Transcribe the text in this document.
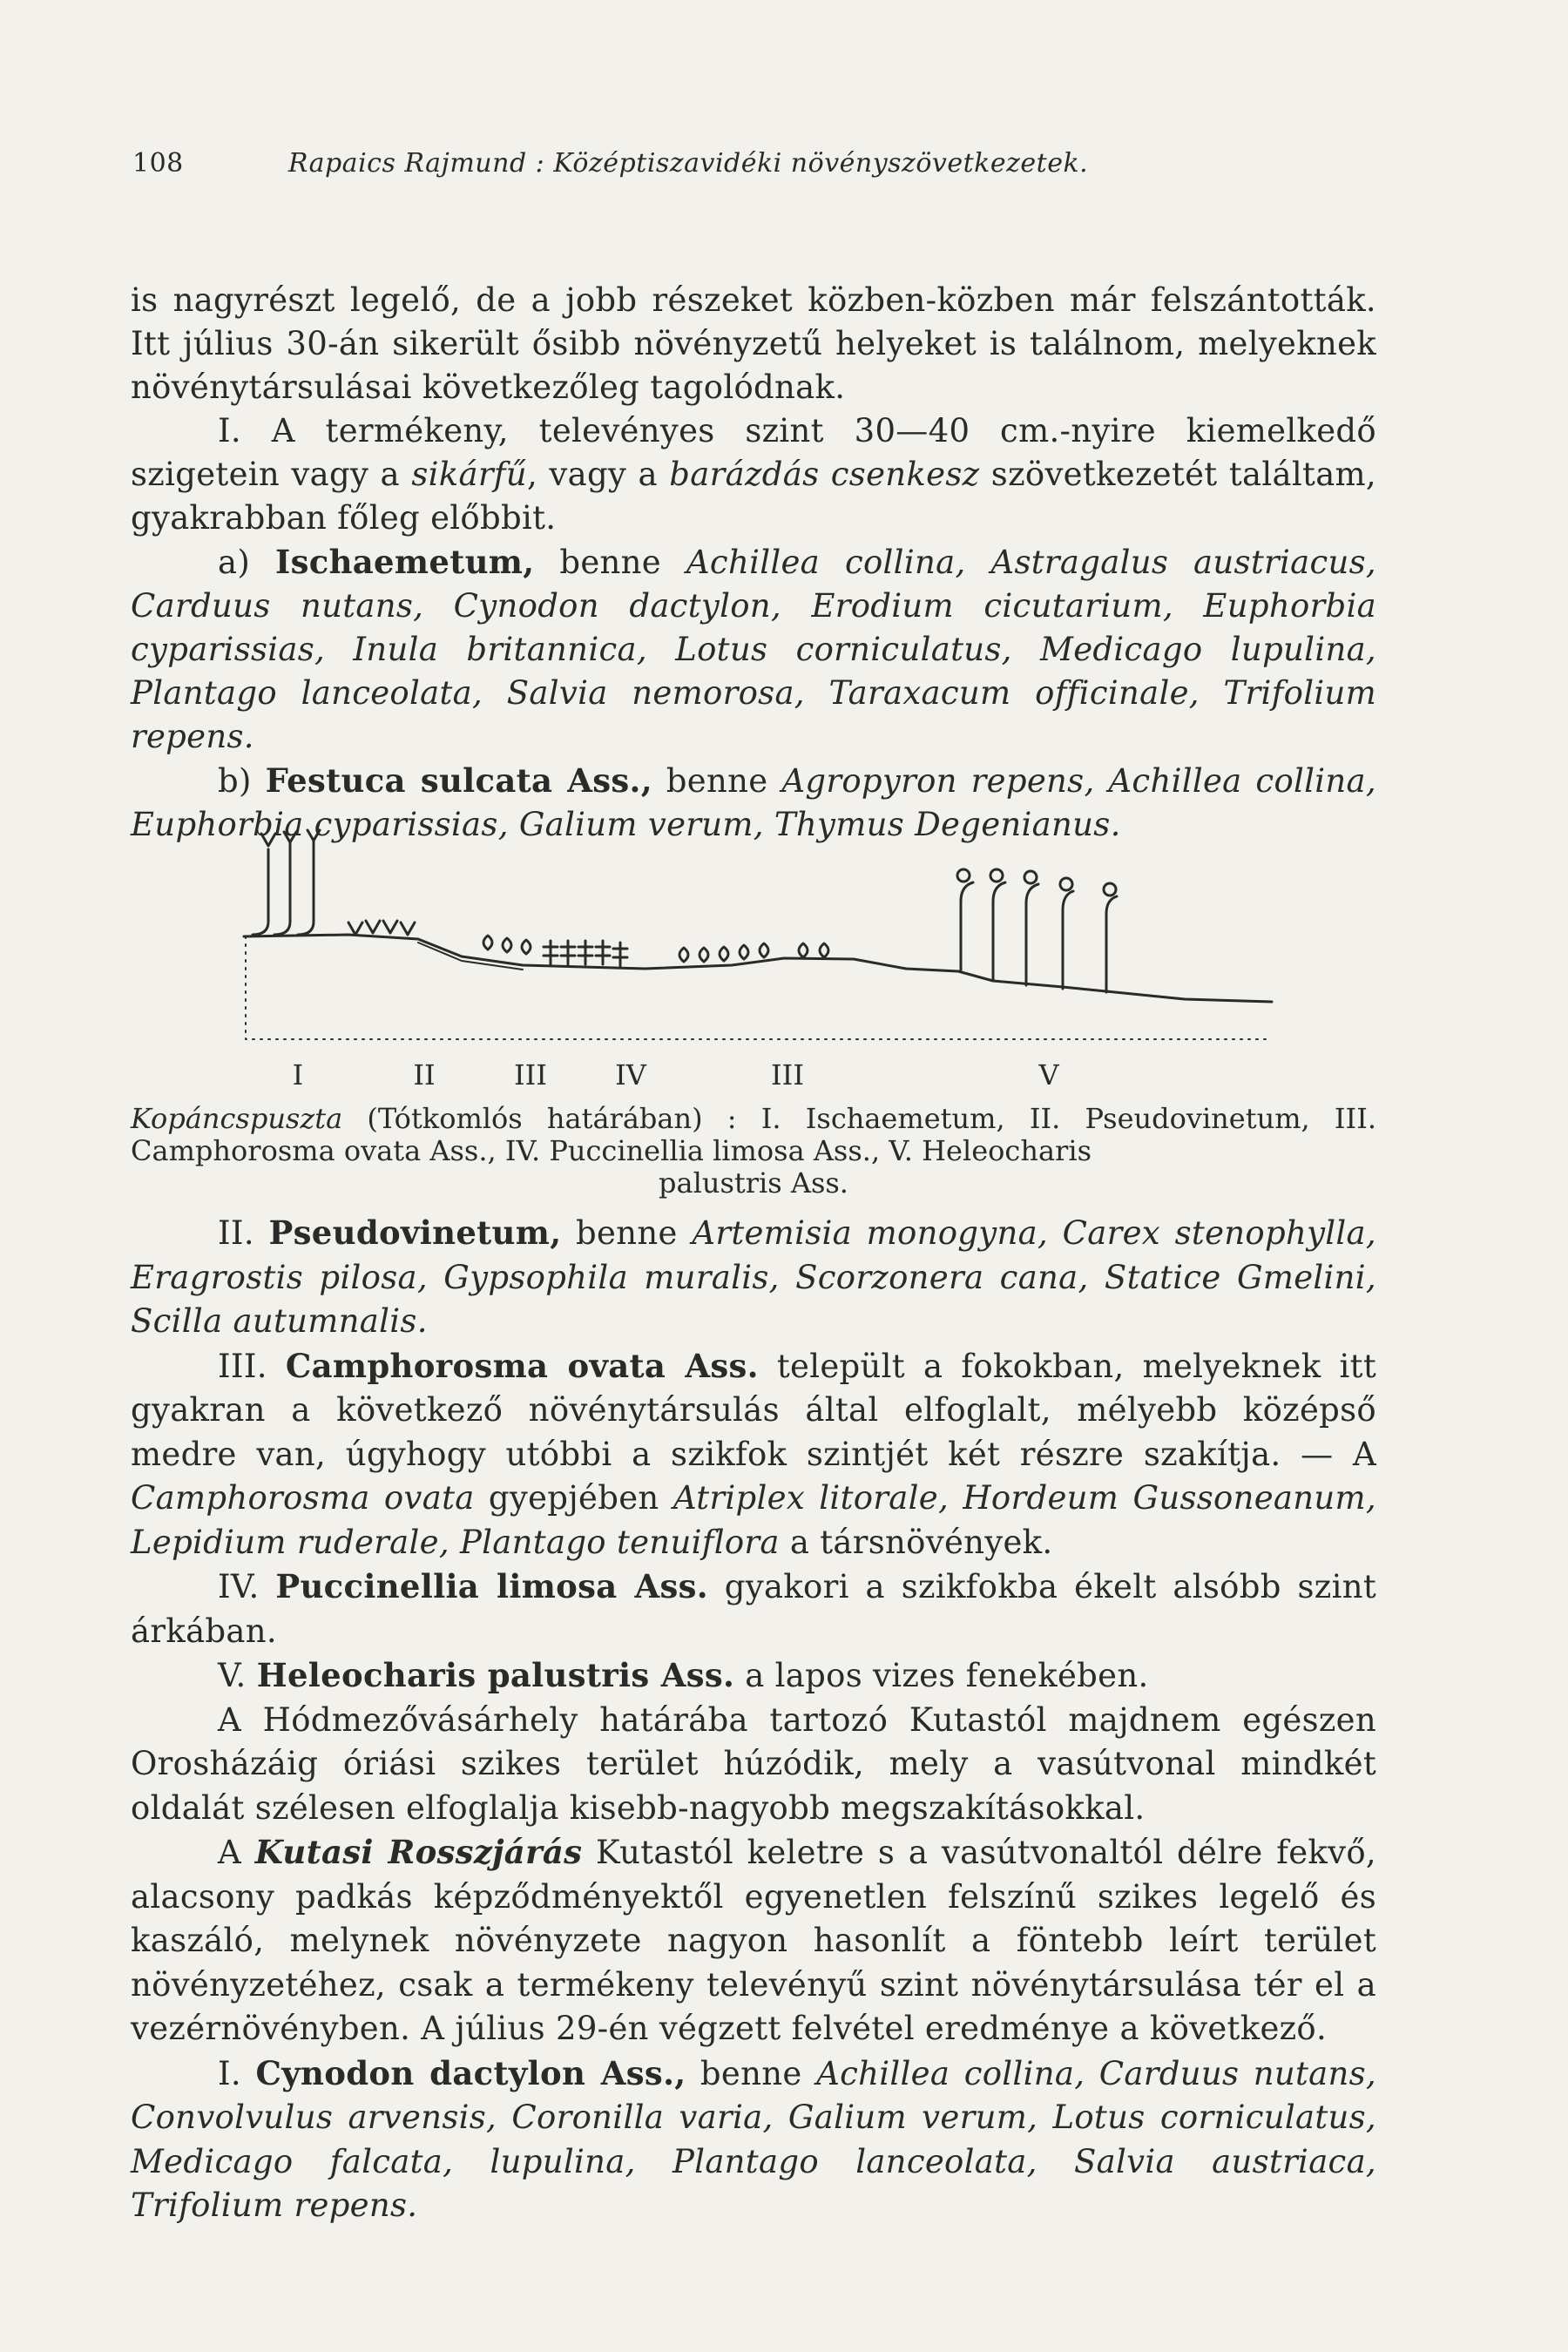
108	Rapaics Rajmund : Középtiszavidéki növényszövetkezetek.

is nagyrészt legelő, de a jobb részeket közben-közben már felszántották. Itt július 30-án sikerült ősibb növényzetű helyeket is találnom, melyeknek növénytársulásai következőleg tagolódnak.

I. A termékeny, televényes szint 30—40 cm.-nyire kiemelkedő szigetein vagy a sikárfű, vagy a barázdás csenkesz szövetkezetét találtam, gyakrabban főleg előbbit.

a) Ischaemetum, benne Achillea collina, Astragalus austriacus, Carduus nutans, Cynodon dactylon, Erodium cicutarium, Euphorbia cyparissias, Inula britannica, Lotus corniculatus, Medicago lupulina, Plantago lanceolata, Salvia nemorosa, Taraxacum officinale, Trifolium repens.

b) Festuca sulcata Ass., benne Agropyron repens, Achillea collina, Euphorbia cyparissias, Galium verum, Thymus Degenianus.

I	II	III IV	III	V
Kopáncspuszta (Tótkomlós határában) : I. Ischaemetum, II. Pseudovinetum, III. Camphorosma ovata Ass., IV. Puccinellia limosa Ass., V. Heleocharis
palustris Ass.

II. Pseudovinetum, benne Artemisia monogyna, Carex stenophylla, Eragrostis pilosa, Gypsophila muralis, Scorzonera cana, Statice Gmelini, Scilla autumnalis.

III. Camphorosma ovata Ass. települt a fokokban, melyeknek itt gyakran a következő növénytársulás által elfoglalt, mélyebb középső medre van, úgyhogy utóbbi a szikfok szintjét két részre szakítja. — A Camphorosma ovata gyepjében Atriplex litorale, Hordeum Gussoneanum, Lepidium ruderale, Plantago tenuiflora a társnövények.

IV. Puccinellia limosa Ass. gyakori a szikfokba ékelt alsóbb szint árkában.

V. Heleocharis palustris Ass. a lapos vizes fenekében.

A Hódmezővásárhely határába tartozó Kutastól majdnem egészen Orosházáig óriási szikes terület húzódik, mely a vasútvonal mindkét oldalát szélesen elfoglalja kisebb-nagyobb megszakításokkal.

A Kutasi Rosszjárás Kutastól keletre s a vasútvonaltól délre fekvő, alacsony padkás képződményektől egyenetlen felszínű szikes legelő és kaszáló, melynek növényzete nagyon hasonlít a föntebb leírt terület növényzetéhez, csak a termékeny televényű szint növénytársulása tér el a vezérnövényben. A július 29-én végzett felvétel eredménye a következő.

I. Cynodon dactylon Ass., benne Achillea collina, Carduus nutans, Convolvulus arvensis, Coronilla varia, Galium verum, Lotus corniculatus, Medicago falcata, lupulina, Plantago lanceolata, Salvia austriaca, Trifolium repens.
